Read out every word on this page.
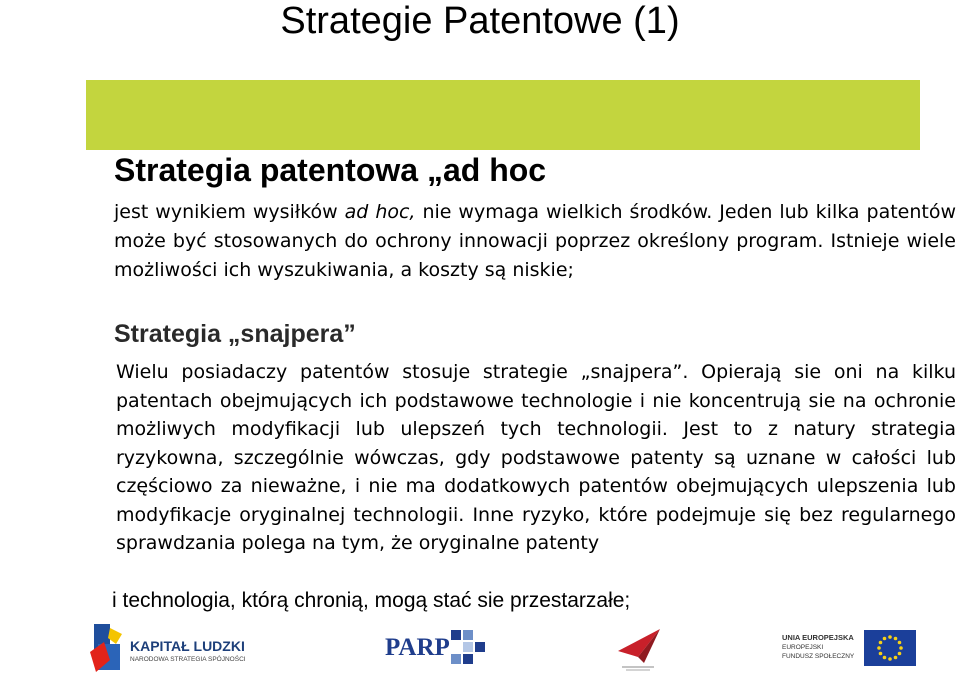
Strategie Patentowe (1)
Strategia patentowa „ad hoc
jest wynikiem wysiłków ad hoc, nie wymaga wielkich środków. Jeden lub kilka patentów może być stosowanych do ochrony innowacji poprzez określony program. Istnieje wiele możliwości ich wyszukiwania, a koszty są niskie;
Strategia „snajpera”
Wielu posiadaczy patentów stosuje strategie „snajpera”. Opierają sie oni na kilku patentach obejmujących ich podstawowe technologie i nie koncentrują sie na ochronie możliwych modyfikacji lub ulepszeń tych technologii. Jest to z natury strategia ryzykowna, szczególnie wówczas, gdy podstawowe patenty są uznane w całości lub częściowo za nieważne, i nie ma dodatkowych patentów obejmujących ulepszenia lub modyfikacje oryginalnej technologii. Inne ryzyko, które podejmuje się bez regularnego sprawdzania polega na tym, że oryginalne patenty
i technologia, którą chronią, mogą stać sie przestarzałe;
KAPITAŁ LUDZKI
NARODOWA STRATEGIA SPÓJNOŚCI	PARP	UNIA EUROPEJSKA
EUROPEJSKI
FUNDUSZ SPOŁECZNY
